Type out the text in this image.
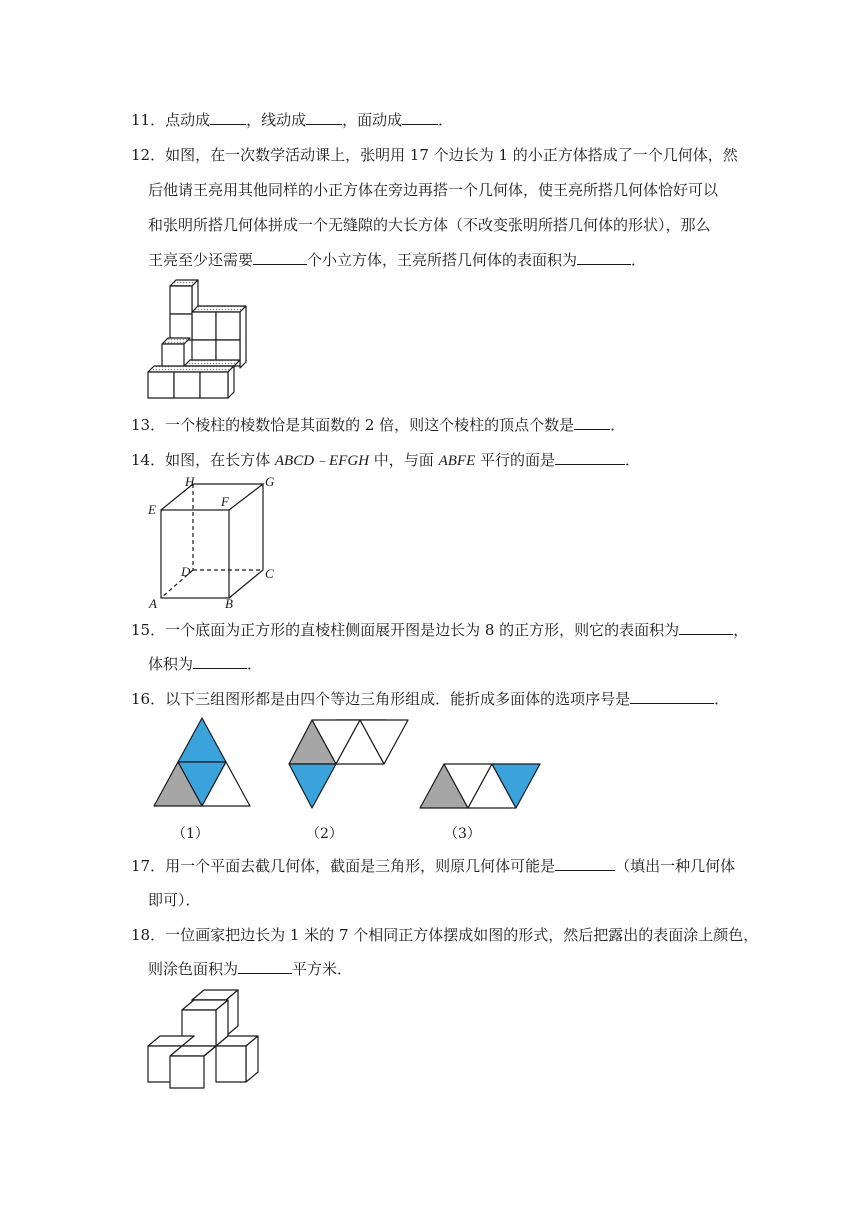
11．点动成 ，线动成 ，面动成 ．
12．如图，在一次数学活动课上，张明用 17 个边长为 1 的小正方体搭成了一个几何体，然
后他请王亮用其他同样的小正方体在旁边再搭一个几何体，使王亮所搭几何体恰好可以
和张明所搭几何体拼成一个无缝隙的大长方体（不改变张明所搭几何体的形状），那么
王亮至少还需要	个小立方体，王亮所搭几何体的表面积为	．
13．一个棱柱的棱数恰是其面数的 2 倍，则这个棱柱的顶点个数是 ．
14．如图，在长方体 ABCD﹣EFGH 中，与面 ABFE 平行的面是	．
H	G
E
F
D	C
A	B
15．一个底面为正方形的直棱柱侧面展开图是边长为 8 的正方形，则它的表面积为	，
体积为	．
16．以下三组图形都是由四个等边三角形组成．能折成多面体的选项序号是	．
（1）	（2）	（3）
17．用一个平面去截几何体，截面是三角形，则原几何体可能是	（填出一种几何体
即可）．
18．一位画家把边长为 1 米的 7 个相同正方体摆成如图的形式，然后把露出的表面涂上颜色，
则涂色面积为	平方米．
